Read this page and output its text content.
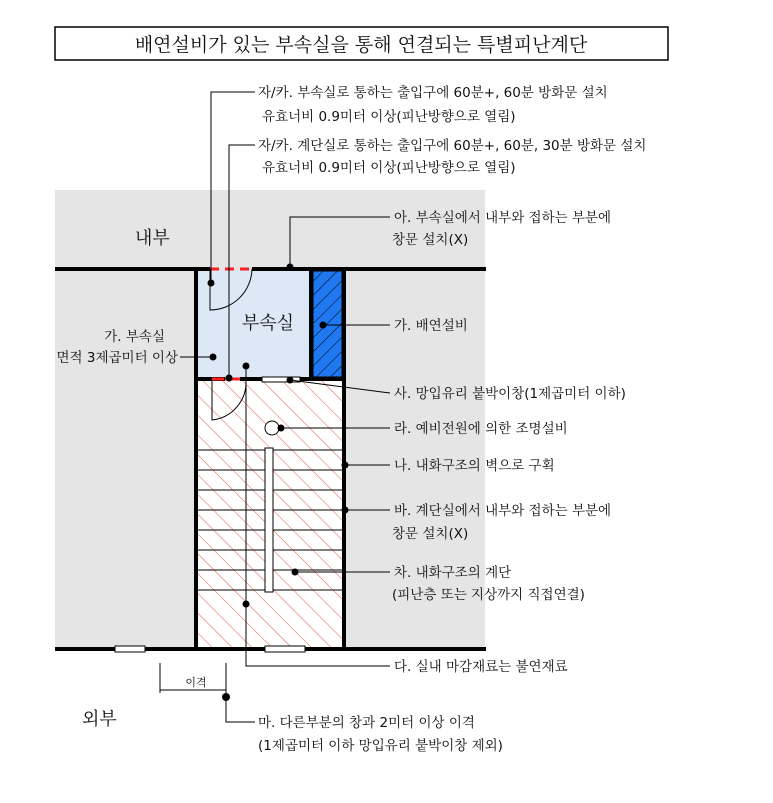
배연설비가 있는 부속실을 통해 연결되는 특별피난계단
내부
외부
부속실
이격
자/카. 부속실로 통하는 출입구에 60분+, 60분 방화문 설치
유효너비 0.9미터 이상(피난방향으로 열림)
자/카. 계단실로 통하는 출입구에 60분+, 60분, 30분 방화문 설치
유효너비 0.9미터 이상(피난방향으로 열림)
아. 부속실에서 내부와 접하는 부분에
창문 설치(X)
가. 배연설비
가. 부속실
면적 3제곱미터 이상
사. 망입유리 붙박이창(1제곱미터 이하)
라. 예비전원에 의한 조명설비
나. 내화구조의 벽으로 구획
바. 계단실에서 내부와 접하는 부분에
창문 설치(X)
차. 내화구조의 계단
(피난층 또는 지상까지 직접연결)
다. 실내 마감재료는 불연재료
마. 다른부분의 창과 2미터 이상 이격
(1제곱미터 이하 망입유리 붙박이창 제외)
